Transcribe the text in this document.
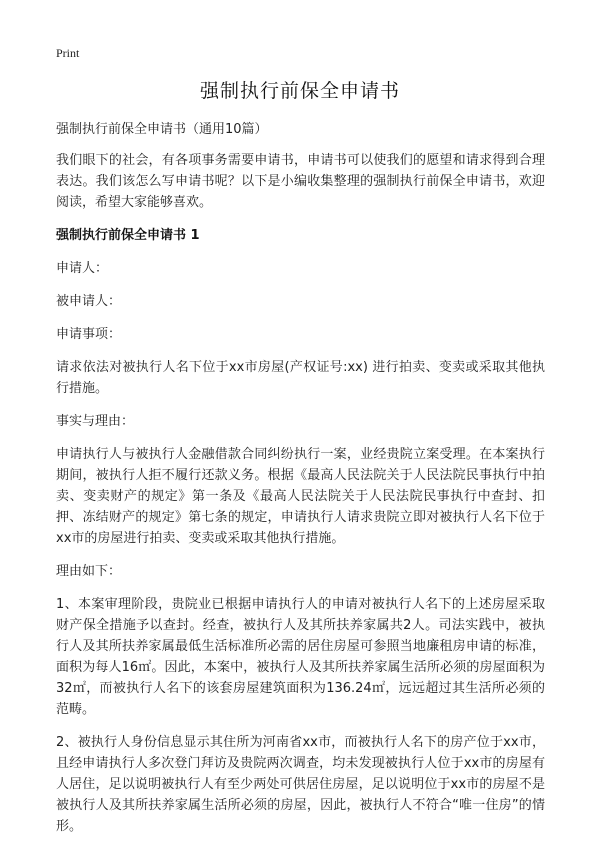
Print
强制执行前保全申请书

强制执行前保全申请书（通用10篇）

我们眼下的社会，有各项事务需要申请书，申请书可以使我们的愿望和请求得到合理表达。我们该怎么写申请书呢？以下是小编收集整理的强制执行前保全申请书，欢迎阅读，希望大家能够喜欢。

强制执行前保全申请书 1

申请人：

被申请人：

申请事项：

请求依法对被执行人名下位于xx市房屋(产权证号:xx) 进行拍卖、变卖或采取其他执行措施。

事实与理由：

申请执行人与被执行人金融借款合同纠纷执行一案，业经贵院立案受理。在本案执行期间，被执行人拒不履行还款义务。根据《最高人民法院关于人民法院民事执行中拍卖、变卖财产的规定》第一条及《最高人民法院关于人民法院民事执行中查封、扣押、冻结财产的规定》第七条的规定，申请执行人请求贵院立即对被执行人名下位于xx市的房屋进行拍卖、变卖或采取其他执行措施。

理由如下：

1、本案审理阶段，贵院业已根据申请执行人的申请对被执行人名下的上述房屋采取财产保全措施予以查封。经查，被执行人及其所扶养家属共2人。司法实践中，被执行人及其所扶养家属最低生活标准所必需的居住房屋可参照当地廉租房申请的标准，面积为每人16㎡。因此，本案中，被执行人及其所扶养家属生活所必须的房屋面积为32㎡，而被执行人名下的该套房屋建筑面积为136.24㎡，远远超过其生活所必须的范畴。

2、被执行人身份信息显示其住所为河南省xx市，而被执行人名下的房产位于xx市，且经申请执行人多次登门拜访及贵院两次调查，均未发现被执行人位于xx市的房屋有人居住，足以说明被执行人有至少两处可供居住房屋，足以说明位于xx市的房屋不是被执行人及其所扶养家属生活所必须的房屋，因此，被执行人不符合“唯一住房”的情形。
